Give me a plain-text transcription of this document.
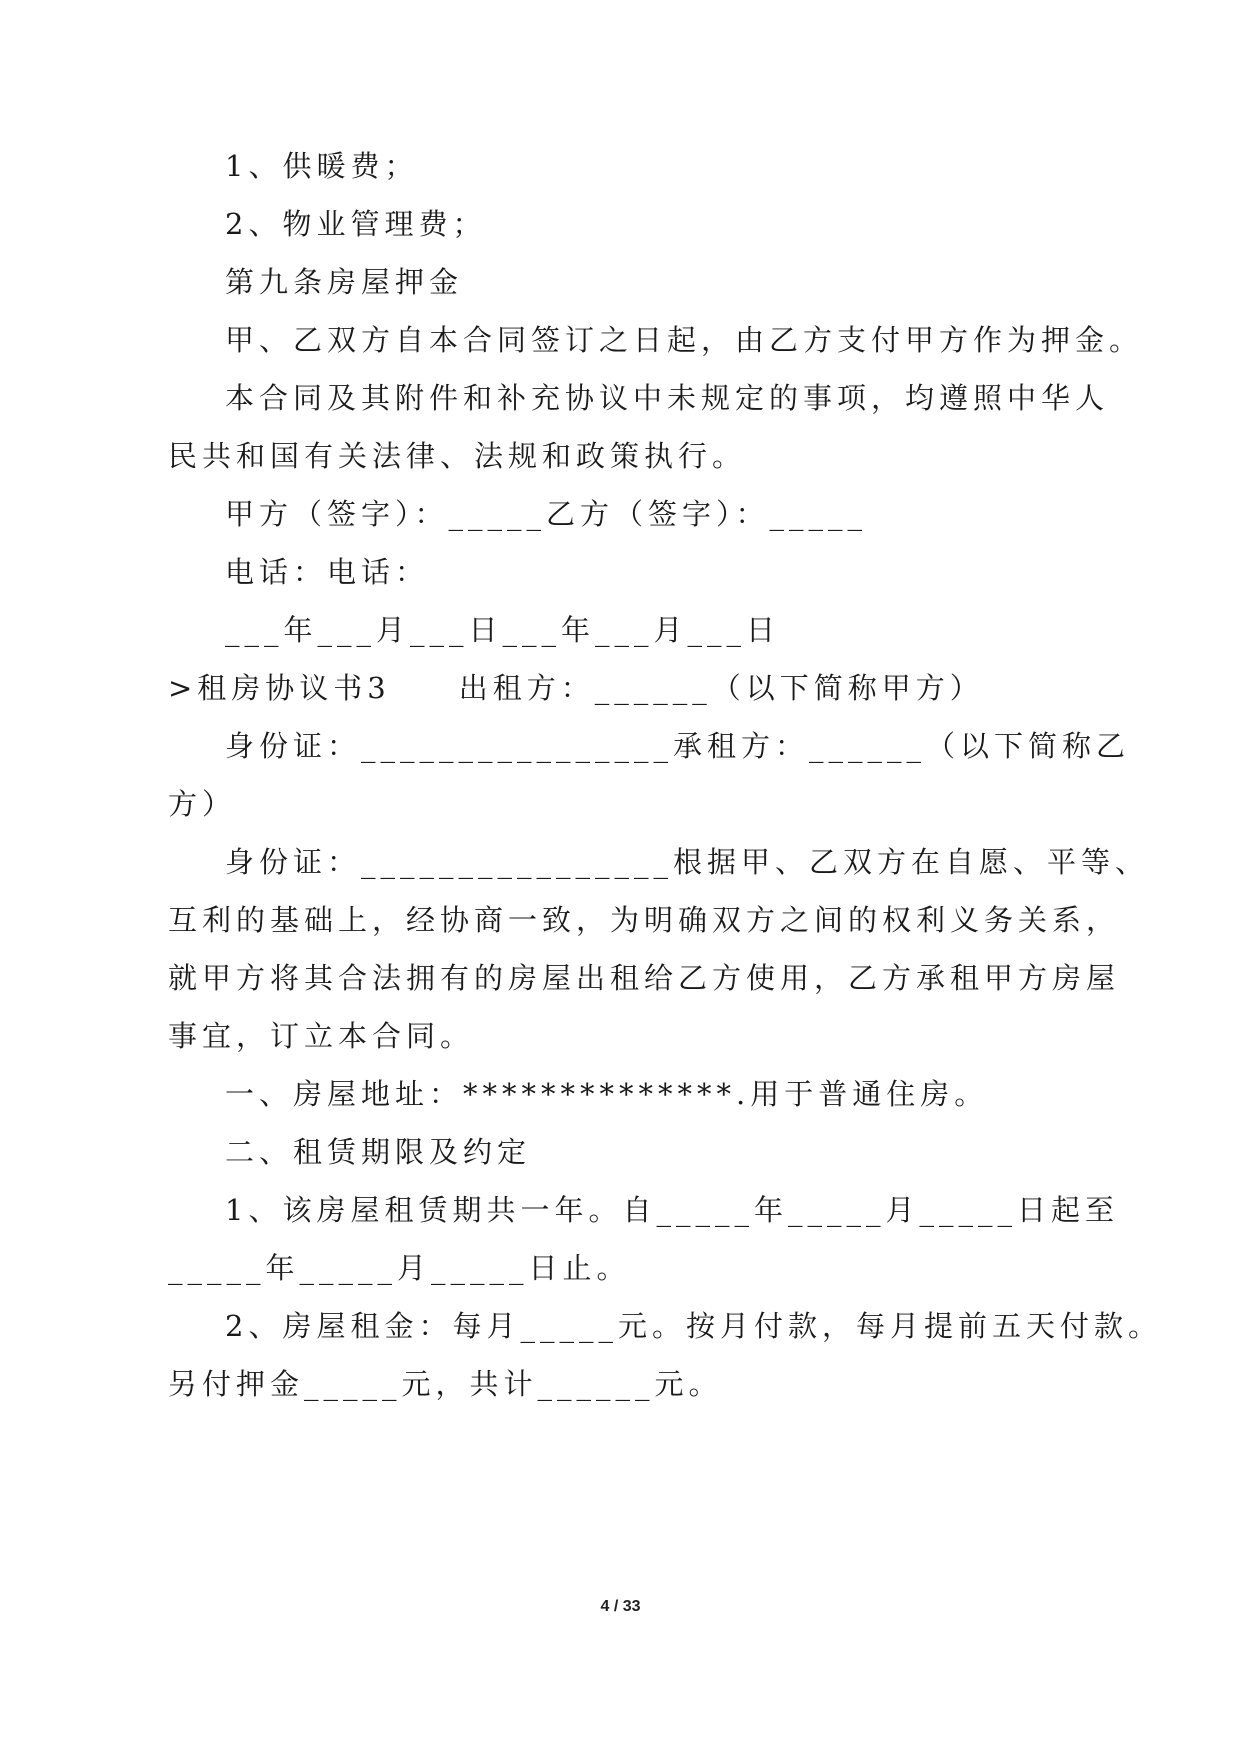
1、供暖费；
2、物业管理费；
第九条房屋押金
甲、乙双方自本合同签订之日起，由乙方支付甲方作为押金。
本合同及其附件和补充协议中未规定的事项，均遵照中华人
民共和国有关法律、法规和政策执行。
甲方（签字）：_____乙方（签字）：_____
电话：电话：
___年___月___日___年___月___日
>租房协议书3　　出租方：______（以下简称甲方）
身份证：________________承租方：______（以下简称乙
方）
身份证：________________根据甲、乙双方在自愿、平等、
互利的基础上，经协商一致，为明确双方之间的权利义务关系，
就甲方将其合法拥有的房屋出租给乙方使用，乙方承租甲方房屋
事宜，订立本合同。
一、房屋地址：**************.用于普通住房。
二、租赁期限及约定
1、该房屋租赁期共一年。自_____年_____月_____日起至
_____年_____月_____日止。
2、房屋租金：每月_____元。按月付款，每月提前五天付款。
另付押金_____元，共计______元。
4 / 33
